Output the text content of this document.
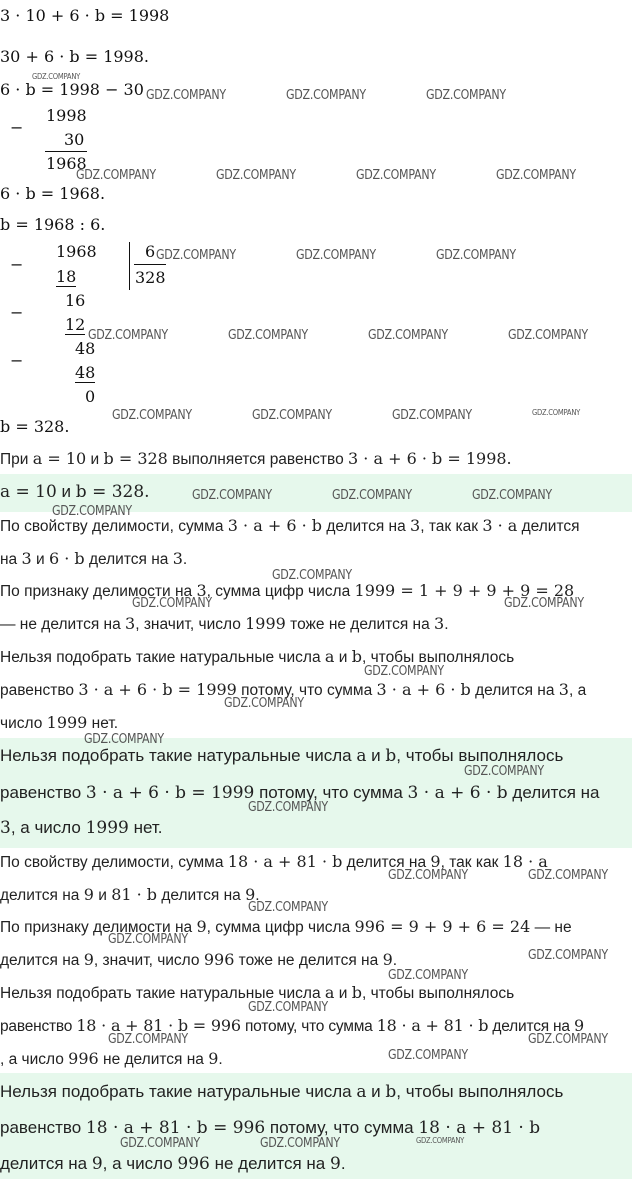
3 · 10 + 6 · b = 1998
30 + 6 · b = 1998.
6 · b = 1998 − 30
−
1998
30
1968
6 · b = 1968.
b = 1968 : 6.
−
−
−
1968	6
328
18
16
12
48
48
0
b = 328.
При a = 10 и b = 328 выполняется равенство 3 · a + 6 · b = 1998.
a = 10 и b = 328.
По свойству делимости, сумма 3 · a + 6 · b делится на 3, так как 3 · a делится
на 3 и 6 · b делится на 3.
По признаку делимости на 3, сумма цифр числа 1999 = 1 + 9 + 9 + 9 = 28
— не делится на 3, значит, число 1999 тоже не делится на 3.
Нельзя подобрать такие натуральные числа a и b, чтобы выполнялось
равенство 3 · a + 6 · b = 1999 потому, что сумма 3 · a + 6 · b делится на 3, а
число 1999 нет.
Нельзя подобрать такие натуральные числа a и b, чтобы выполнялось
равенство 3 · a + 6 · b = 1999 потому, что сумма 3 · a + 6 · b делится на
3, а число 1999 нет.
По свойству делимости, сумма 18 · a + 81 · b делится на 9, так как 18 · a
делится на 9 и 81 · b делится на 9.
По признаку делимости на 9, сумма цифр числа 996 = 9 + 9 + 6 = 24 — не
делится на 9, значит, число 996 тоже не делится на 9.
Нельзя подобрать такие натуральные числа a и b, чтобы выполнялось
равенство 18 · a + 81 · b = 996 потому, что сумма 18 · a + 81 · b делится на 9
, а число 996 не делится на 9.
Нельзя подобрать такие натуральные числа a и b, чтобы выполнялось
равенство 18 · a + 81 · b = 996 потому, что сумма 18 · a + 81 · b
делится на 9, а число 996 не делится на 9.
GDZ.COMPANY
GDZ.COMPANY	GDZ.COMPANY	GDZ.COMPANY
GDZ.COMPANY	GDZ.COMPANY	GDZ.COMPANY	GDZ.COMPANY
GDZ.COMPANY	GDZ.COMPANY	GDZ.COMPANY
GDZ.COMPANY	GDZ.COMPANY	GDZ.COMPANY	GDZ.COMPANY
GDZ.COMPANY	GDZ.COMPANY	GDZ.COMPANY	GDZ.COMPANY
GDZ.COMPANY	GDZ.COMPANY	GDZ.COMPANY
GDZ.COMPANY
GDZ.COMPANY
GDZ.COMPANY	GDZ.COMPANY
GDZ.COMPANY
GDZ.COMPANY
GDZ.COMPANY
GDZ.COMPANY
GDZ.COMPANY
GDZ.COMPANY	GDZ.COMPANY
GDZ.COMPANY
GDZ.COMPANY
GDZ.COMPANY
GDZ.COMPANY
GDZ.COMPANY
GDZ.COMPANY	GDZ.COMPANY
GDZ.COMPANY
GDZ.COMPANY
GDZ.COMPANY	GDZ.COMPANY
